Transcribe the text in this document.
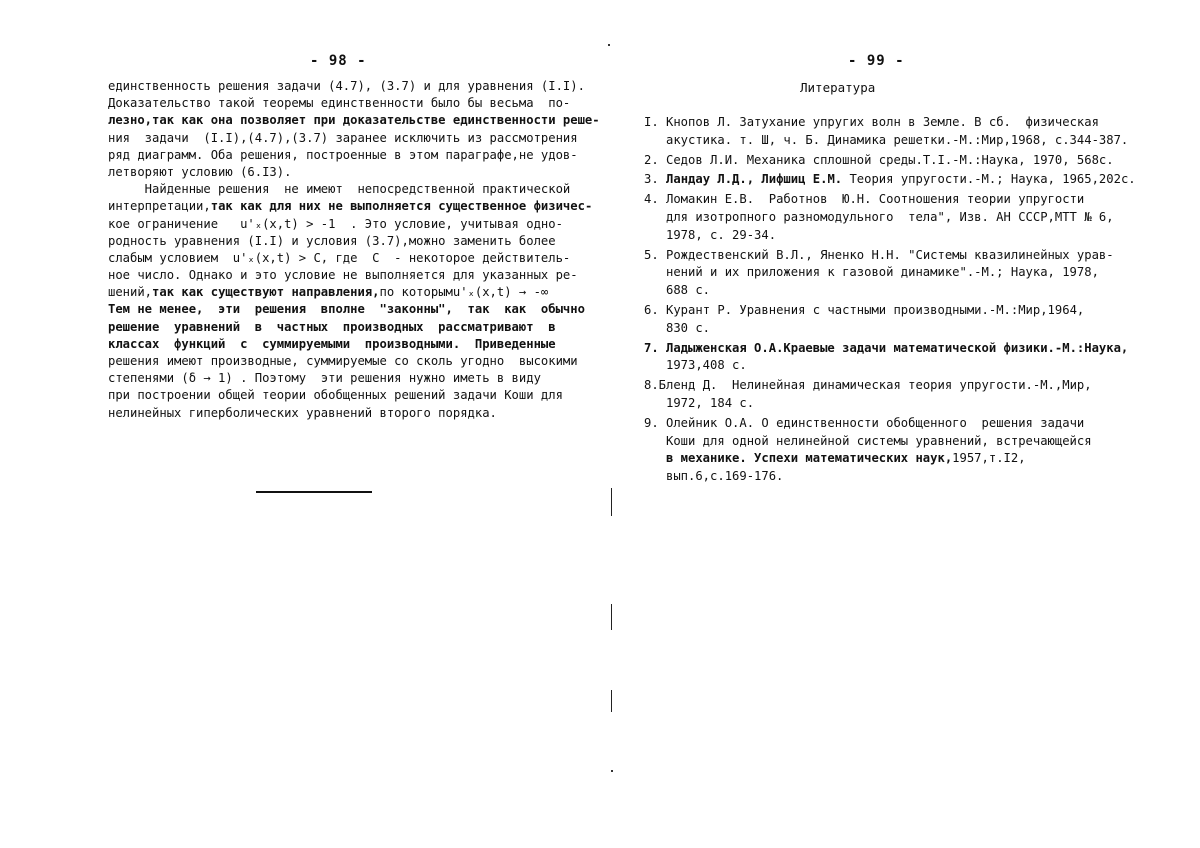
- 98 -
единственность решения задачи (4.7), (3.7) и для уравнения (I.I).
Доказательство такой теоремы единственности было бы весьма  по-
лезно,так как она позволяет при доказательстве единственности реше-
ния  задачи  (I.I),(4.7),(3.7) заранее исключить из рассмотрения
ряд диаграмм. Оба решения, построенные в этом параграфе,не удов-
летворяют условию (6.I3).
Найденные решения  не имеют  непосредственной практической
интерпретации,так как для них не выполняется существенное физичес-
кое ограничение   u'ₓ(x,t) > -1  . Это условие, учитывая одно-
родность уравнения (I.I) и условия (3.7),можно заменить более
слабым условием  u'ₓ(x,t) > C, где  C  - некоторое действитель-
ное число. Однако и это условие не выполняется для указанных ре-
шений,так как существуют направления,по которымu'ₓ(x,t) → -∞
Тем не менее,  эти  решения  вполне  "законны",  так  как  обычно
решение  уравнений  в  частных  производных  рассматривают  в
классах  функций  с  суммируемыми  производными.  Приведенные
решения имеют производные, суммируемые со сколь угодно  высокими
степенями (δ → 1) . Поэтому  эти решения нужно иметь в виду
при построении общей теории обобщенных решений задачи Коши для
нелинейных гиперболических уравнений второго порядка.
- 99 -
Литература
I. Кнопов Л. Затухание упругих волн в Земле. В сб.  физическая
акустика. т. Ш, ч. Б. Динамика решетки.-М.:Мир,1968, с.344-387.
2. Седов Л.И. Механика сплошной среды.Т.I.-М.:Наука, 1970, 568с.
3. Ландау Л.Д., Лифшиц Е.М. Теория упругости.-М.; Наука, 1965,202с.
4. Ломакин Е.В.  Работнов  Ю.Н. Соотношения теории упругости
для изотропного разномодульного  тела", Изв. АН СССР,МТТ № 6,
1978, с. 29-34.
5. Рождественский В.Л., Яненко Н.Н. "Системы квазилинейных урав-
нений и их приложения к газовой динамике".-М.; Наука, 1978,
688 с.
6. Курант Р. Уравнения с частными производными.-М.:Мир,1964,
830 с.
7. Ладыженская О.А.Краевые задачи математической физики.-М.:Наука,
1973,408 с.
8.Бленд Д.  Нелинейная динамическая теория упругости.-М.,Мир,
1972, 184 с.
9. Олейник О.А. О единственности обобщенного  решения задачи
Коши для одной нелинейной системы уравнений, встречающейся
в механике. Успехи математических наук,1957,т.I2,
вып.6,с.169-176.
